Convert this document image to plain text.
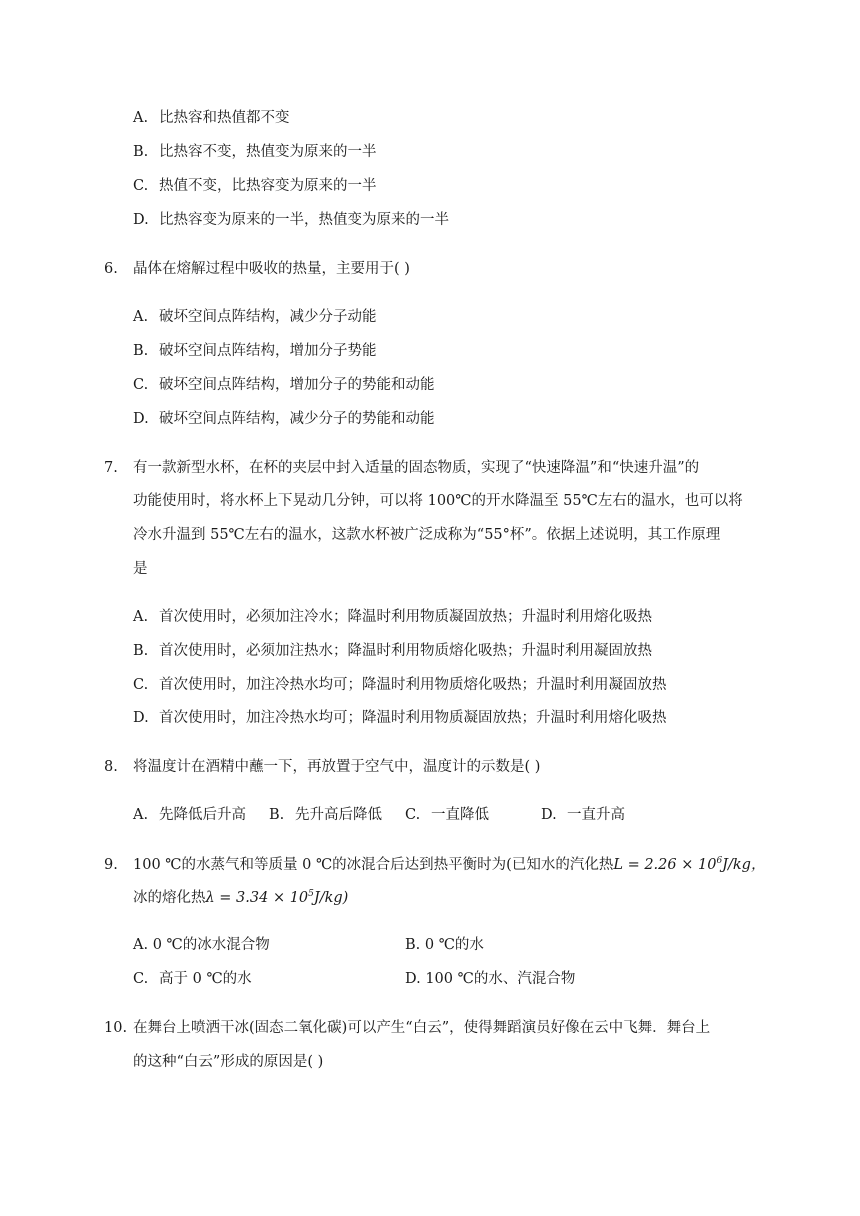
A. 比热容和热值都不变
B. 比热容不变，热值变为原来的一半
C. 热值不变，比热容变为原来的一半
D. 比热容变为原来的一半，热值变为原来的一半
6. 晶体在熔解过程中吸收的热量，主要用于( )
A. 破坏空间点阵结构，减少分子动能
B. 破坏空间点阵结构，增加分子势能
C. 破坏空间点阵结构，增加分子的势能和动能
D. 破坏空间点阵结构，减少分子的势能和动能
7. 有一款新型水杯，在杯的夹层中封入适量的固态物质，实现了“快速降温”和“快速升温”的
功能使用时，将水杯上下晃动几分钟，可以将 100℃的开水降温至 55℃左右的温水，也可以将
冷水升温到 55℃左右的温水，这款水杯被广泛成称为“55°杯”。依据上述说明，其工作原理
是
A. 首次使用时，必须加注冷水；降温时利用物质凝固放热；升温时利用熔化吸热
B. 首次使用时，必须加注热水；降温时利用物质熔化吸热；升温时利用凝固放热
C. 首次使用时，加注冷热水均可；降温时利用物质熔化吸热；升温时利用凝固放热
D. 首次使用时，加注冷热水均可；降温时利用物质凝固放热；升温时利用熔化吸热
8. 将温度计在酒精中蘸一下，再放置于空气中，温度计的示数是( )
A. 先降低后升高 B. 先升高后降低 C. 一直降低	D. 一直升高
9. 100 ℃的水蒸气和等质量 0 ℃的冰混合后达到热平衡时为(已知水的汽化热$L = 2.26 \times 10^6J/kg$，
冰的熔化热$\lambda = 3.34 \times 10^5J/kg$)
A. 0 ℃的冰水混合物	B. 0 ℃的水
C. 高于 0 ℃的水	D. 100 ℃的水、汽混合物
10. 在舞台上喷洒干冰(固态二氧化碳)可以产生“白云”，使得舞蹈演员好像在云中飞舞．舞台上
的这种“白云”形成的原因是( )
